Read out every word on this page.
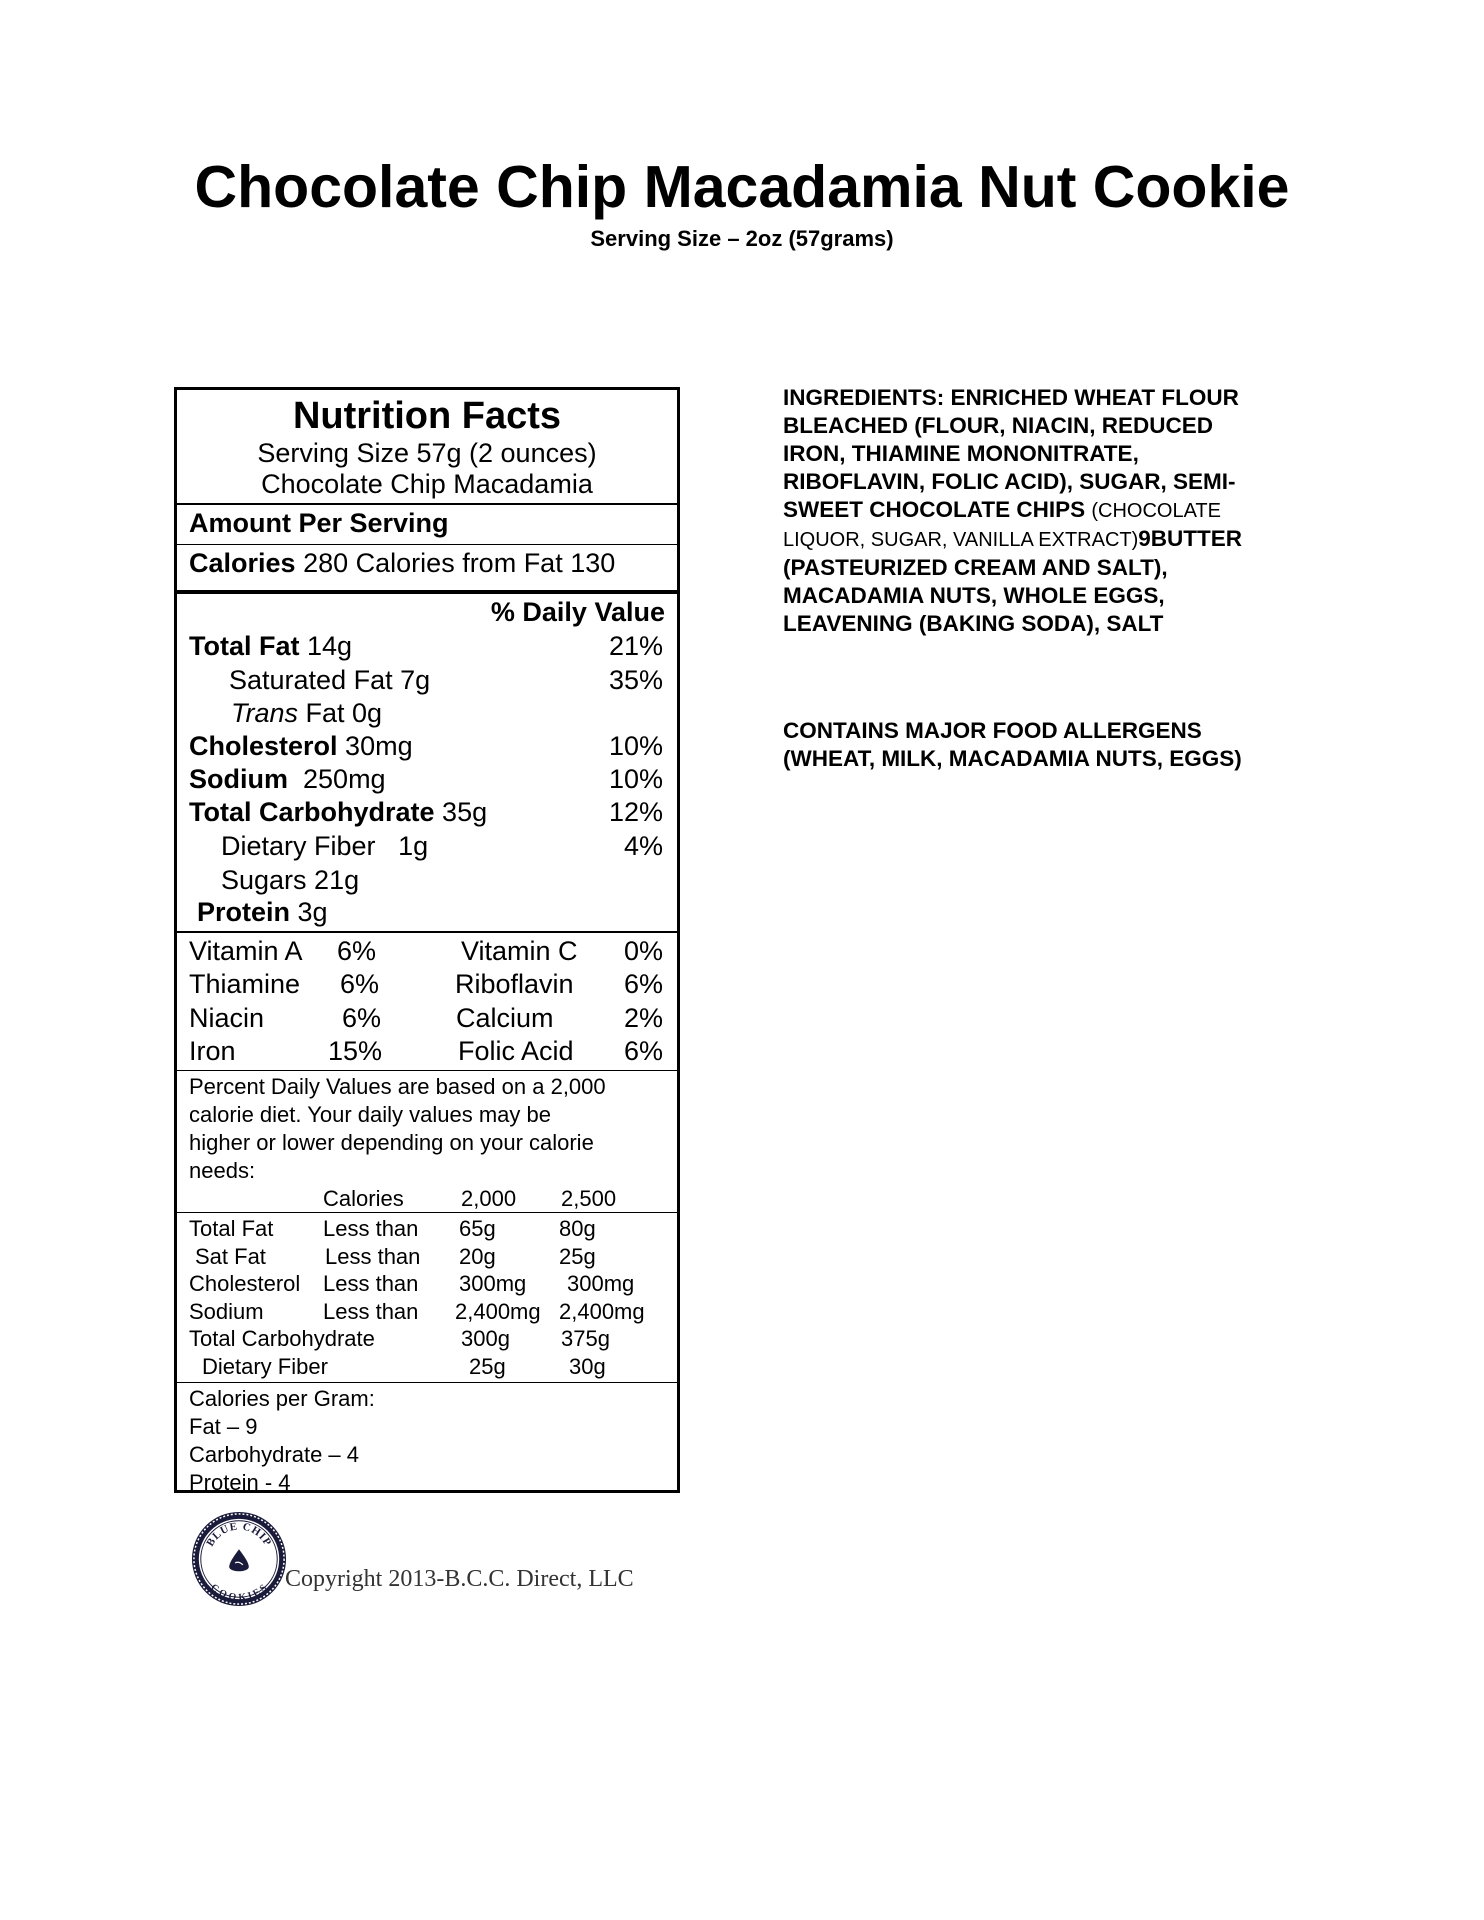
Chocolate Chip Macadamia Nut Cookie
Serving Size – 2oz (57grams)
Nutrition Facts
Serving Size 57g (2 ounces)
Chocolate Chip Macadamia
Amount Per Serving
Calories 280 Calories from Fat 130
% Daily Value
Total Fat 14g	21%
Saturated Fat 7g	35%
Trans Fat 0g
Cholesterol 30mg	10%
Sodium 250mg	10%
Total Carbohydrate 35g	12%
Dietary Fiber 1g	4%
Sugars 21g
Protein 3g
Vitamin A 6%	Vitamin C 0%
Thiamine 6%	Riboflavin 6%
Niacin	6%	Calcium	2%
Iron	15%	Folic Acid 6%
Percent Daily Values are based on a 2,000
calorie diet. Your daily values may be
higher or lower depending on your calorie
needs:
Calories	2,000 2,500
Total Fat Less than 65g	80g
Sat Fat	Less than 20g	25g
Cholesterol Less than 300mg 300mg
Sodium	Less than 2,400mg 2,400mg
Total Carbohydrate	300g 375g
Dietary Fiber	25g	30g
Calories per Gram:
Fat – 9
Carbohydrate – 4
Protein - 4
INGREDIENTS: ENRICHED WHEAT FLOUR
BLEACHED (FLOUR, NIACIN, REDUCED
IRON, THIAMINE MONONITRATE,
RIBOFLAVIN, FOLIC ACID), SUGAR, SEMI-
SWEET CHOCOLATE CHIPS (CHOCOLATE
LIQUOR, SUGAR, VANILLA EXTRACT)9BUTTER
(PASTEURIZED CREAM AND SALT),
MACADAMIA NUTS, WHOLE EGGS,
LEAVENING (BAKING SODA), SALT
CONTAINS MAJOR FOOD ALLERGENS
(WHEAT, MILK, MACADAMIA NUTS, EGGS)
BLUE CHIP
COOKIES Copyright 2013-B.C.C. Direct, LLC
